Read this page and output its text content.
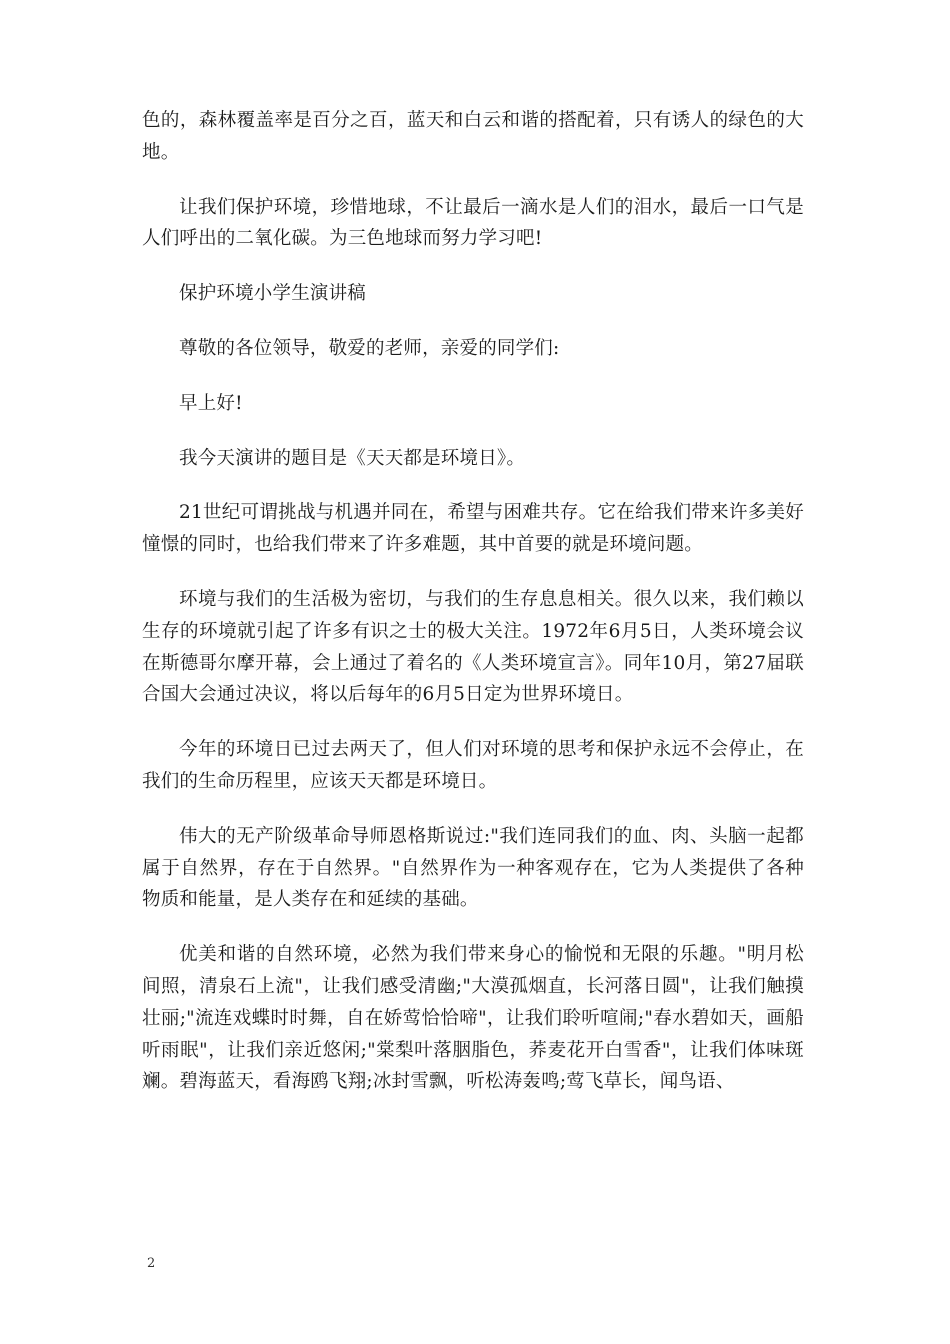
色的，森林覆盖率是百分之百，蓝天和白云和谐的搭配着，只有诱人的绿色的大地。

让我们保护环境，珍惜地球，不让最后一滴水是人们的泪水，最后一口气是人们呼出的二氧化碳。为三色地球而努力学习吧!

保护环境小学生演讲稿

尊敬的各位领导，敬爱的老师，亲爱的同学们:

早上好!

我今天演讲的题目是《天天都是环境日》。

21世纪可谓挑战与机遇并同在，希望与困难共存。它在给我们带来许多美好憧憬的同时，也给我们带来了许多难题，其中首要的就是环境问题。

环境与我们的生活极为密切，与我们的生存息息相关。很久以来，我们赖以生存的环境就引起了许多有识之士的极大关注。1972年6月5日，人类环境会议在斯德哥尔摩开幕，会上通过了着名的《人类环境宣言》。同年10月，第27届联合国大会通过决议，将以后每年的6月5日定为世界环境日。

今年的环境日已过去两天了，但人们对环境的思考和保护永远不会停止，在我们的生命历程里，应该天天都是环境日。

伟大的无产阶级革命导师恩格斯说过:"我们连同我们的血、肉、头脑一起都属于自然界，存在于自然界。"自然界作为一种客观存在，它为人类提供了各种物质和能量，是人类存在和延续的基础。

优美和谐的自然环境，必然为我们带来身心的愉悦和无限的乐趣。"明月松间照，清泉石上流"，让我们感受清幽;"大漠孤烟直，长河落日圆"，让我们触摸壮丽;"流连戏蝶时时舞，自在娇莺恰恰啼"，让我们聆听喧闹;"春水碧如天，画船听雨眠"，让我们亲近悠闲;"棠梨叶落胭脂色，荞麦花开白雪香"，让我们体味斑斓。碧海蓝天，看海鸥飞翔;冰封雪飘，听松涛轰鸣;莺飞草长，闻鸟语、

2
